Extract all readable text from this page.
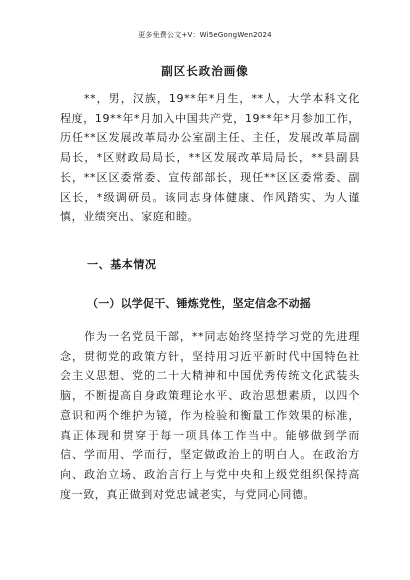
更多免费公文+V：Wi5eGongWen2024
副区长政治画像

**，男，汉族，19**年*月生，**人，大学本科文化程度，19**年*月加入中国共产党，19**年*月参加工作，历任**区发展改革局办公室副主任、主任，发展改革局副局长，*区财政局局长，**区发展改革局局长，**县副县长，**区区委常委、宣传部部长，现任**区区委常委、副区长，*级调研员。该同志身体健康、作风踏实、为人谨慎，业绩突出、家庭和睦。

一、基本情况
（一）以学促干、锤炼党性，坚定信念不动摇

作为一名党员干部，**同志始终坚持学习党的先进理念，贯彻党的政策方针，坚持用习近平新时代中国特色社会主义思想、党的二十大精神和中国优秀传统文化武装头脑，不断提高自身政策理论水平、政治思想素质，以四个意识和两个维护为镜，作为检验和衡量工作效果的标准，真正体现和贯穿于每一项具体工作当中。能够做到学而信、学而用、学而行，坚定做政治上的明白人。在政治方向、政治立场、政治言行上与党中央和上级党组织保持高度一致，真正做到对党忠诚老实，与党同心同德。
